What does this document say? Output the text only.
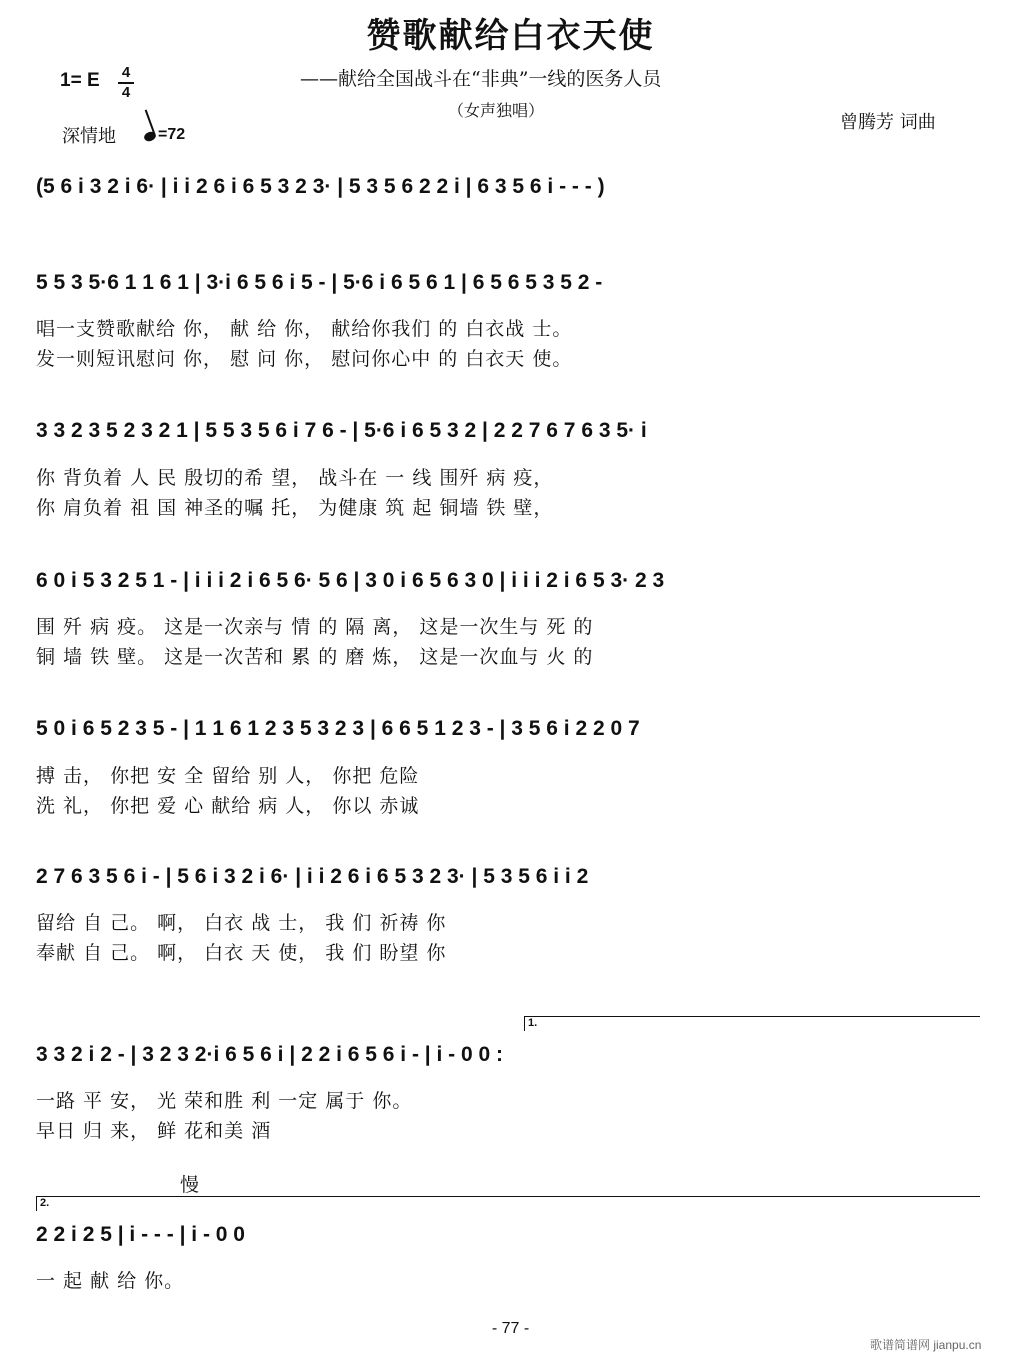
赞歌献给白衣天使
——献给全国战斗在“非典”一线的医务人员
（女声独唱）
1= E 4
4
深情地	=72
曾腾芳 词曲
(5 6 i 3 2 i 6· | i i 2 6 i 6 5 3 2 3· | 5 3 5 6 2 2 i | 6 3 5 6 i - - - )
5 5 3 5·6 1 1 6 1 | 3·i 6 5 6 i 5 - | 5·6 i 6 5 6 1 | 6 5 6 5 3 5 2 -
唱一支赞歌献给 你， 献 给 你， 献给你我们 的 白衣战 士。
发一则短讯慰问 你， 慰 问 你， 慰问你心中 的 白衣天 使。
3 3 2 3 5 2 3 2 1 | 5 5 3 5 6 i 7 6 - | 5·6 i 6 5 3 2 | 2 2 7 6 7 6 3 5· i
你 背负着 人 民 殷切的希 望， 战斗在 一 线 围歼 病 疫，
你 肩负着 祖 国 神圣的嘱 托， 为健康 筑 起 铜墙 铁 壁，
6 0 i 5 3 2 5 1 - | i i i 2 i 6 5 6· 5 6 | 3 0 i 6 5 6 3 0 | i i i 2 i 6 5 3· 2 3
围 歼 病 疫。 这是一次亲与 情 的 隔 离， 这是一次生与 死 的
铜 墙 铁 壁。 这是一次苦和 累 的 磨 炼， 这是一次血与 火 的
5 0 i 6 5 2 3 5 - | 1 1 6 1 2 3 5 3 2 3 | 6 6 5 1 2 3 - | 3 5 6 i 2 2 0 7
搏 击， 你把 安 全 留给 别 人， 你把 危险
洗 礼， 你把 爱 心 献给 病 人， 你以 赤诚
2 7 6 3 5 6 i - | 5 6 i 3 2 i 6· | i i 2 6 i 6 5 3 2 3· | 5 3 5 6 i i 2
留给 自 己。 啊， 白衣 战 士， 我 们 祈祷 你
奉献 自 己。 啊， 白衣 天 使， 我 们 盼望 你
1.
3 3 2 i 2 - | 3 2 3 2·i 6 5 6 i | 2 2 i 6 5 6 i - | i - 0 0 :
一路 平 安， 光 荣和胜 利 一定 属于 你。
早日 归 来， 鲜 花和美 酒
慢
2.
2 2 i 2 5 | i - - - | i - 0 0
一 起 献 给 你。
- 77 -
歌谱简谱网 jianpu.cn
